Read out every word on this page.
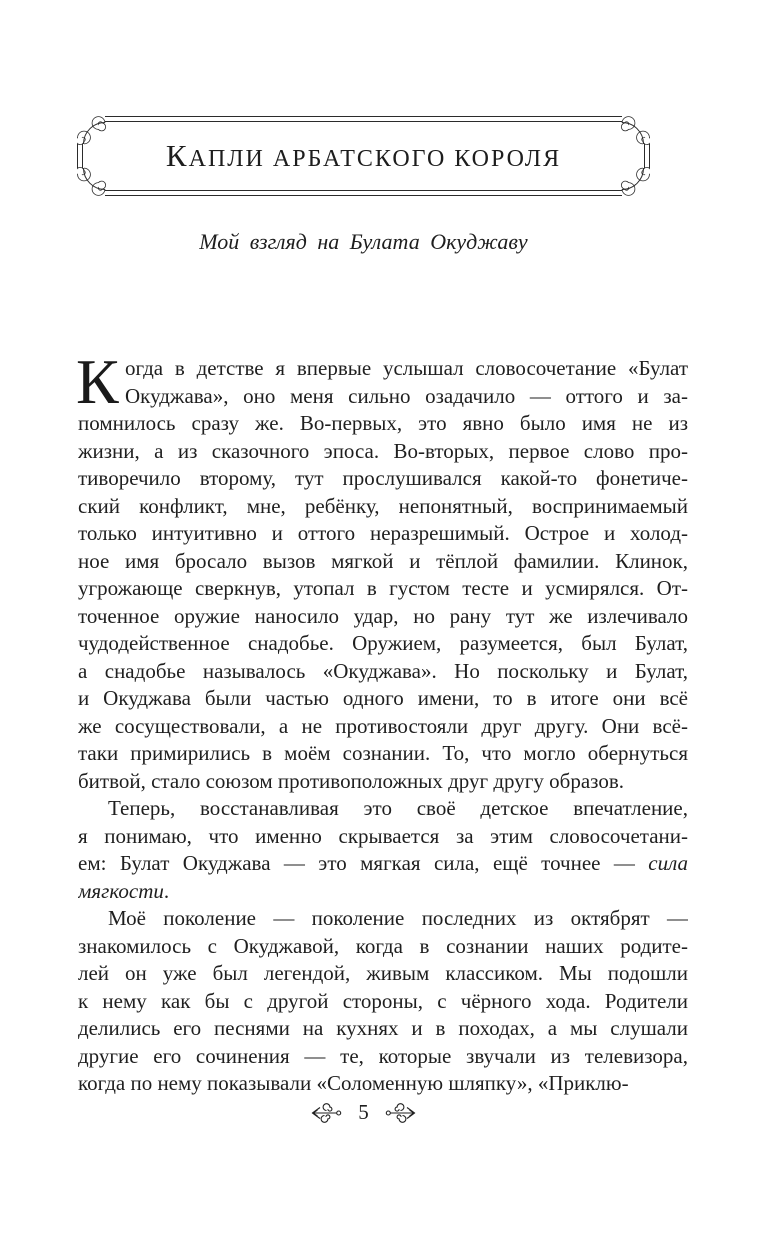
КАПЛИ АРБАТСКОГО КОРОЛЯ
Мой взгляд на Булата Окуджаву
К огда в детстве я впервые услышал словосочетание «Булат
Окуджава», оно меня сильно озадачило — оттого и за-
помнилось сразу же. Во-первых, это явно было имя не из
жизни, а из сказочного эпоса. Во-вторых, первое слово про-
тиворечило второму, тут прослушивался какой-то фонетиче-
ский конфликт, мне, ребёнку, непонятный, воспринимаемый
только интуитивно и оттого неразрешимый. Острое и холод-
ное имя бросало вызов мягкой и тёплой фамилии. Клинок,
угрожающе сверкнув, утопал в густом тесте и усмирялся. От-
точенное оружие наносило удар, но рану тут же излечивало
чудодейственное снадобье. Оружием, разумеется, был Булат,
а снадобье называлось «Окуджава». Но поскольку и Булат,
и Окуджава были частью одного имени, то в итоге они всё
же сосуществовали, а не противостояли друг другу. Они всё-
таки примирились в моём сознании. То, что могло обернуться
битвой, стало союзом противоположных друг другу образов.
Теперь, восстанавливая это своё детское впечатление,
я понимаю, что именно скрывается за этим словосочетани-
ем: Булат Окуджава — это мягкая сила, ещё точнее — сила
мягкости.
Моё поколение — поколение последних из октябрят —
знакомилось с Окуджавой, когда в сознании наших родите-
лей он уже был легендой, живым классиком. Мы подошли
к нему как бы с другой стороны, с чёрного хода. Родители
делились его песнями на кухнях и в походах, а мы слушали
другие его сочинения — те, которые звучали из телевизора,
когда по нему показывали «Соломенную шляпку», «Приклю-
5
